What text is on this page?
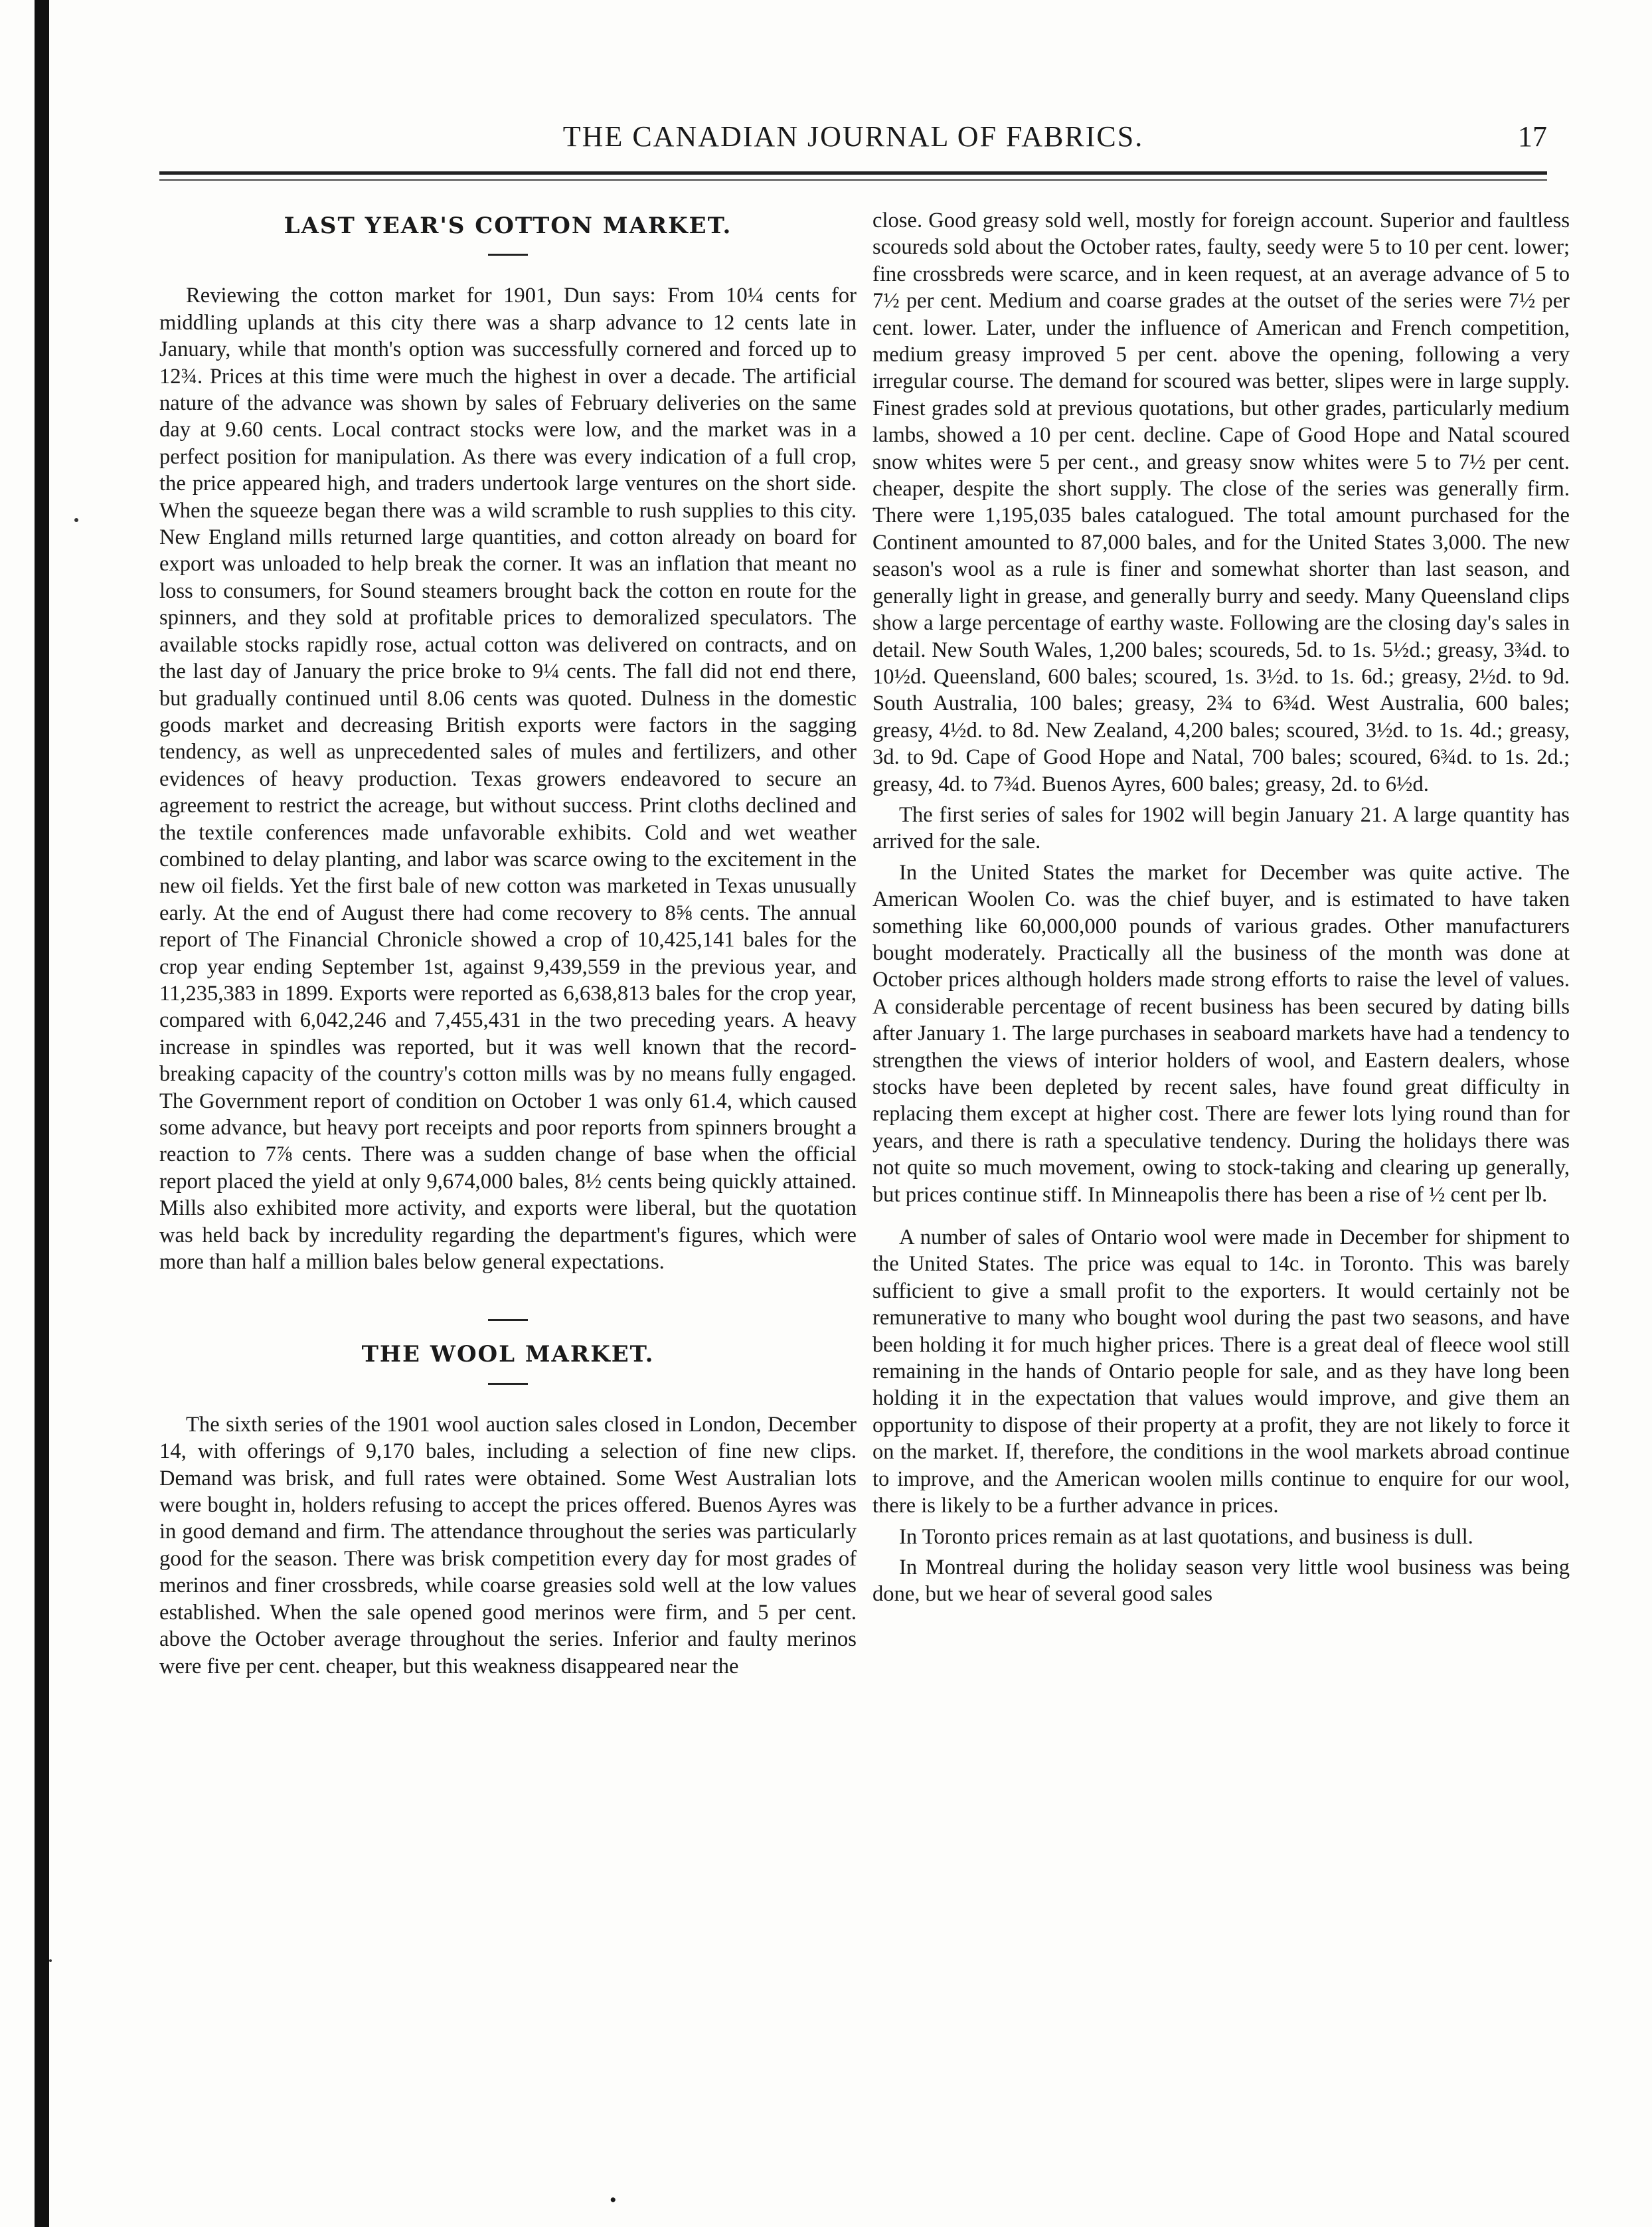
THE CANADIAN JOURNAL OF FABRICS.	17
LAST YEAR'S COTTON MARKET.

Reviewing the cotton market for 1901, Dun says: From 10¼ cents for middling uplands at this city there was a sharp advance to 12 cents late in January, while that month's option was successfully cornered and forced up to 12¾. Prices at this time were much the highest in over a decade. The artificial nature of the advance was shown by sales of February deliveries on the same day at 9.60 cents. Local contract stocks were low, and the market was in a perfect position for manipulation. As there was every indication of a full crop, the price appeared high, and traders undertook large ventures on the short side. When the squeeze began there was a wild scramble to rush supplies to this city. New England mills returned large quantities, and cotton already on board for export was unloaded to help break the corner. It was an inflation that meant no loss to consumers, for Sound steamers brought back the cotton en route for the spinners, and they sold at profitable prices to demoralized speculators. The available stocks rapidly rose, actual cotton was delivered on contracts, and on the last day of January the price broke to 9¼ cents. The fall did not end there, but gradually continued until 8.06 cents was quoted. Dulness in the domestic goods market and decreasing British exports were factors in the sagging tendency, as well as unprecedented sales of mules and fertilizers, and other evidences of heavy production. Texas growers endeavored to secure an agreement to restrict the acreage, but without success. Print cloths declined and the textile conferences made unfavorable exhibits. Cold and wet weather combined to delay planting, and labor was scarce owing to the excitement in the new oil fields. Yet the first bale of new cotton was marketed in Texas unusually early. At the end of August there had come recovery to 8⅝ cents. The annual report of The Financial Chronicle showed a crop of 10,425,141 bales for the crop year ending September 1st, against 9,439,559 in the previous year, and 11,235,383 in 1899. Exports were reported as 6,638,813 bales for the crop year, compared with 6,042,246 and 7,455,431 in the two preceding years. A heavy increase in spindles was reported, but it was well known that the record-breaking capacity of the country's cotton mills was by no means fully engaged. The Government report of condition on October 1 was only 61.4, which caused some advance, but heavy port receipts and poor reports from spinners brought a reaction to 7⅞ cents. There was a sudden change of base when the official report placed the yield at only 9,674,000 bales, 8½ cents being quickly attained. Mills also exhibited more activity, and exports were liberal, but the quotation was held back by incredulity regarding the department's figures, which were more than half a million bales below general expectations.

THE WOOL MARKET.

The sixth series of the 1901 wool auction sales closed in London, December 14, with offerings of 9,170 bales, including a selection of fine new clips. Demand was brisk, and full rates were obtained. Some West Australian lots were bought in, holders refusing to accept the prices offered. Buenos Ayres was in good demand and firm. The attendance throughout the series was particularly good for the season. There was brisk competition every day for most grades of merinos and finer crossbreds, while coarse greasies sold well at the low values established. When the sale opened good merinos were firm, and 5 per cent. above the October average throughout the series. Inferior and faulty merinos were five per cent. cheaper, but this weakness disappeared near the

close. Good greasy sold well, mostly for foreign account. Superior and faultless scoureds sold about the October rates, faulty, seedy were 5 to 10 per cent. lower; fine crossbreds were scarce, and in keen request, at an average advance of 5 to 7½ per cent. Medium and coarse grades at the outset of the series were 7½ per cent. lower. Later, under the influence of American and French competition, medium greasy improved 5 per cent. above the opening, following a very irregular course. The demand for scoured was better, slipes were in large supply. Finest grades sold at previous quotations, but other grades, particularly medium lambs, showed a 10 per cent. decline. Cape of Good Hope and Natal scoured snow whites were 5 per cent., and greasy snow whites were 5 to 7½ per cent. cheaper, despite the short supply. The close of the series was generally firm. There were 1,195,035 bales catalogued. The total amount purchased for the Continent amounted to 87,000 bales, and for the United States 3,000. The new season's wool as a rule is finer and somewhat shorter than last season, and generally light in grease, and generally burry and seedy. Many Queensland clips show a large percentage of earthy waste. Following are the closing day's sales in detail. New South Wales, 1,200 bales; scoureds, 5d. to 1s. 5½d.; greasy, 3¾d. to 10½d. Queensland, 600 bales; scoured, 1s. 3½d. to 1s. 6d.; greasy, 2½d. to 9d. South Australia, 100 bales; greasy, 2¾ to 6¾d. West Australia, 600 bales; greasy, 4½d. to 8d. New Zealand, 4,200 bales; scoured, 3½d. to 1s. 4d.; greasy, 3d. to 9d. Cape of Good Hope and Natal, 700 bales; scoured, 6¾d. to 1s. 2d.; greasy, 4d. to 7¾d. Buenos Ayres, 600 bales; greasy, 2d. to 6½d.

The first series of sales for 1902 will begin January 21. A large quantity has arrived for the sale.

In the United States the market for December was quite active. The American Woolen Co. was the chief buyer, and is estimated to have taken something like 60,000,000 pounds of various grades. Other manufacturers bought moderately. Practically all the business of the month was done at October prices although holders made strong efforts to raise the level of values. A considerable percentage of recent business has been secured by dating bills after January 1. The large purchases in seaboard markets have had a tendency to strengthen the views of interior holders of wool, and Eastern dealers, whose stocks have been depleted by recent sales, have found great difficulty in replacing them except at higher cost. There are fewer lots lying round than for years, and there is rath a speculative tendency. During the holidays there was not quite so much movement, owing to stock-taking and clearing up generally, but prices continue stiff. In Minneapolis there has been a rise of ½ cent per lb.

A number of sales of Ontario wool were made in December for shipment to the United States. The price was equal to 14c. in Toronto. This was barely sufficient to give a small profit to the exporters. It would certainly not be remunerative to many who bought wool during the past two seasons, and have been holding it for much higher prices. There is a great deal of fleece wool still remaining in the hands of Ontario people for sale, and as they have long been holding it in the expectation that values would improve, and give them an opportunity to dispose of their property at a profit, they are not likely to force it on the market. If, therefore, the conditions in the wool markets abroad continue to improve, and the American woolen mills continue to enquire for our wool, there is likely to be a further advance in prices.

In Toronto prices remain as at last quotations, and business is dull.

In Montreal during the holiday season very little wool business was being done, but we hear of several good sales

•
